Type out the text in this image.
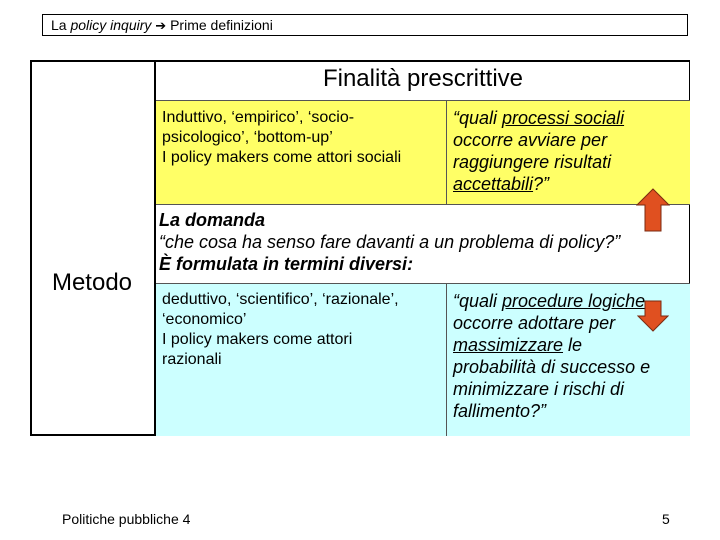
La policy inquiry ➔ Prime definizioni
Finalità prescrittive
Metodo
Induttivo, ‘empirico’, ‘socio-
psicologico’, ‘bottom-up’
I policy makers come attori sociali
“quali processi sociali
occorre avviare per
raggiungere risultati
accettabili?”
La domanda
“che cosa ha senso fare davanti a un problema di policy?”
È formulata in termini diversi:
deduttivo, ‘scientifico’, ‘razionale’,
‘economico’
I policy makers come attori
razionali
“quali procedure logiche
occorre adottare per
massimizzare le
probabilità di successo e
minimizzare i rischi di
fallimento?”
Politiche pubbliche 4	5
